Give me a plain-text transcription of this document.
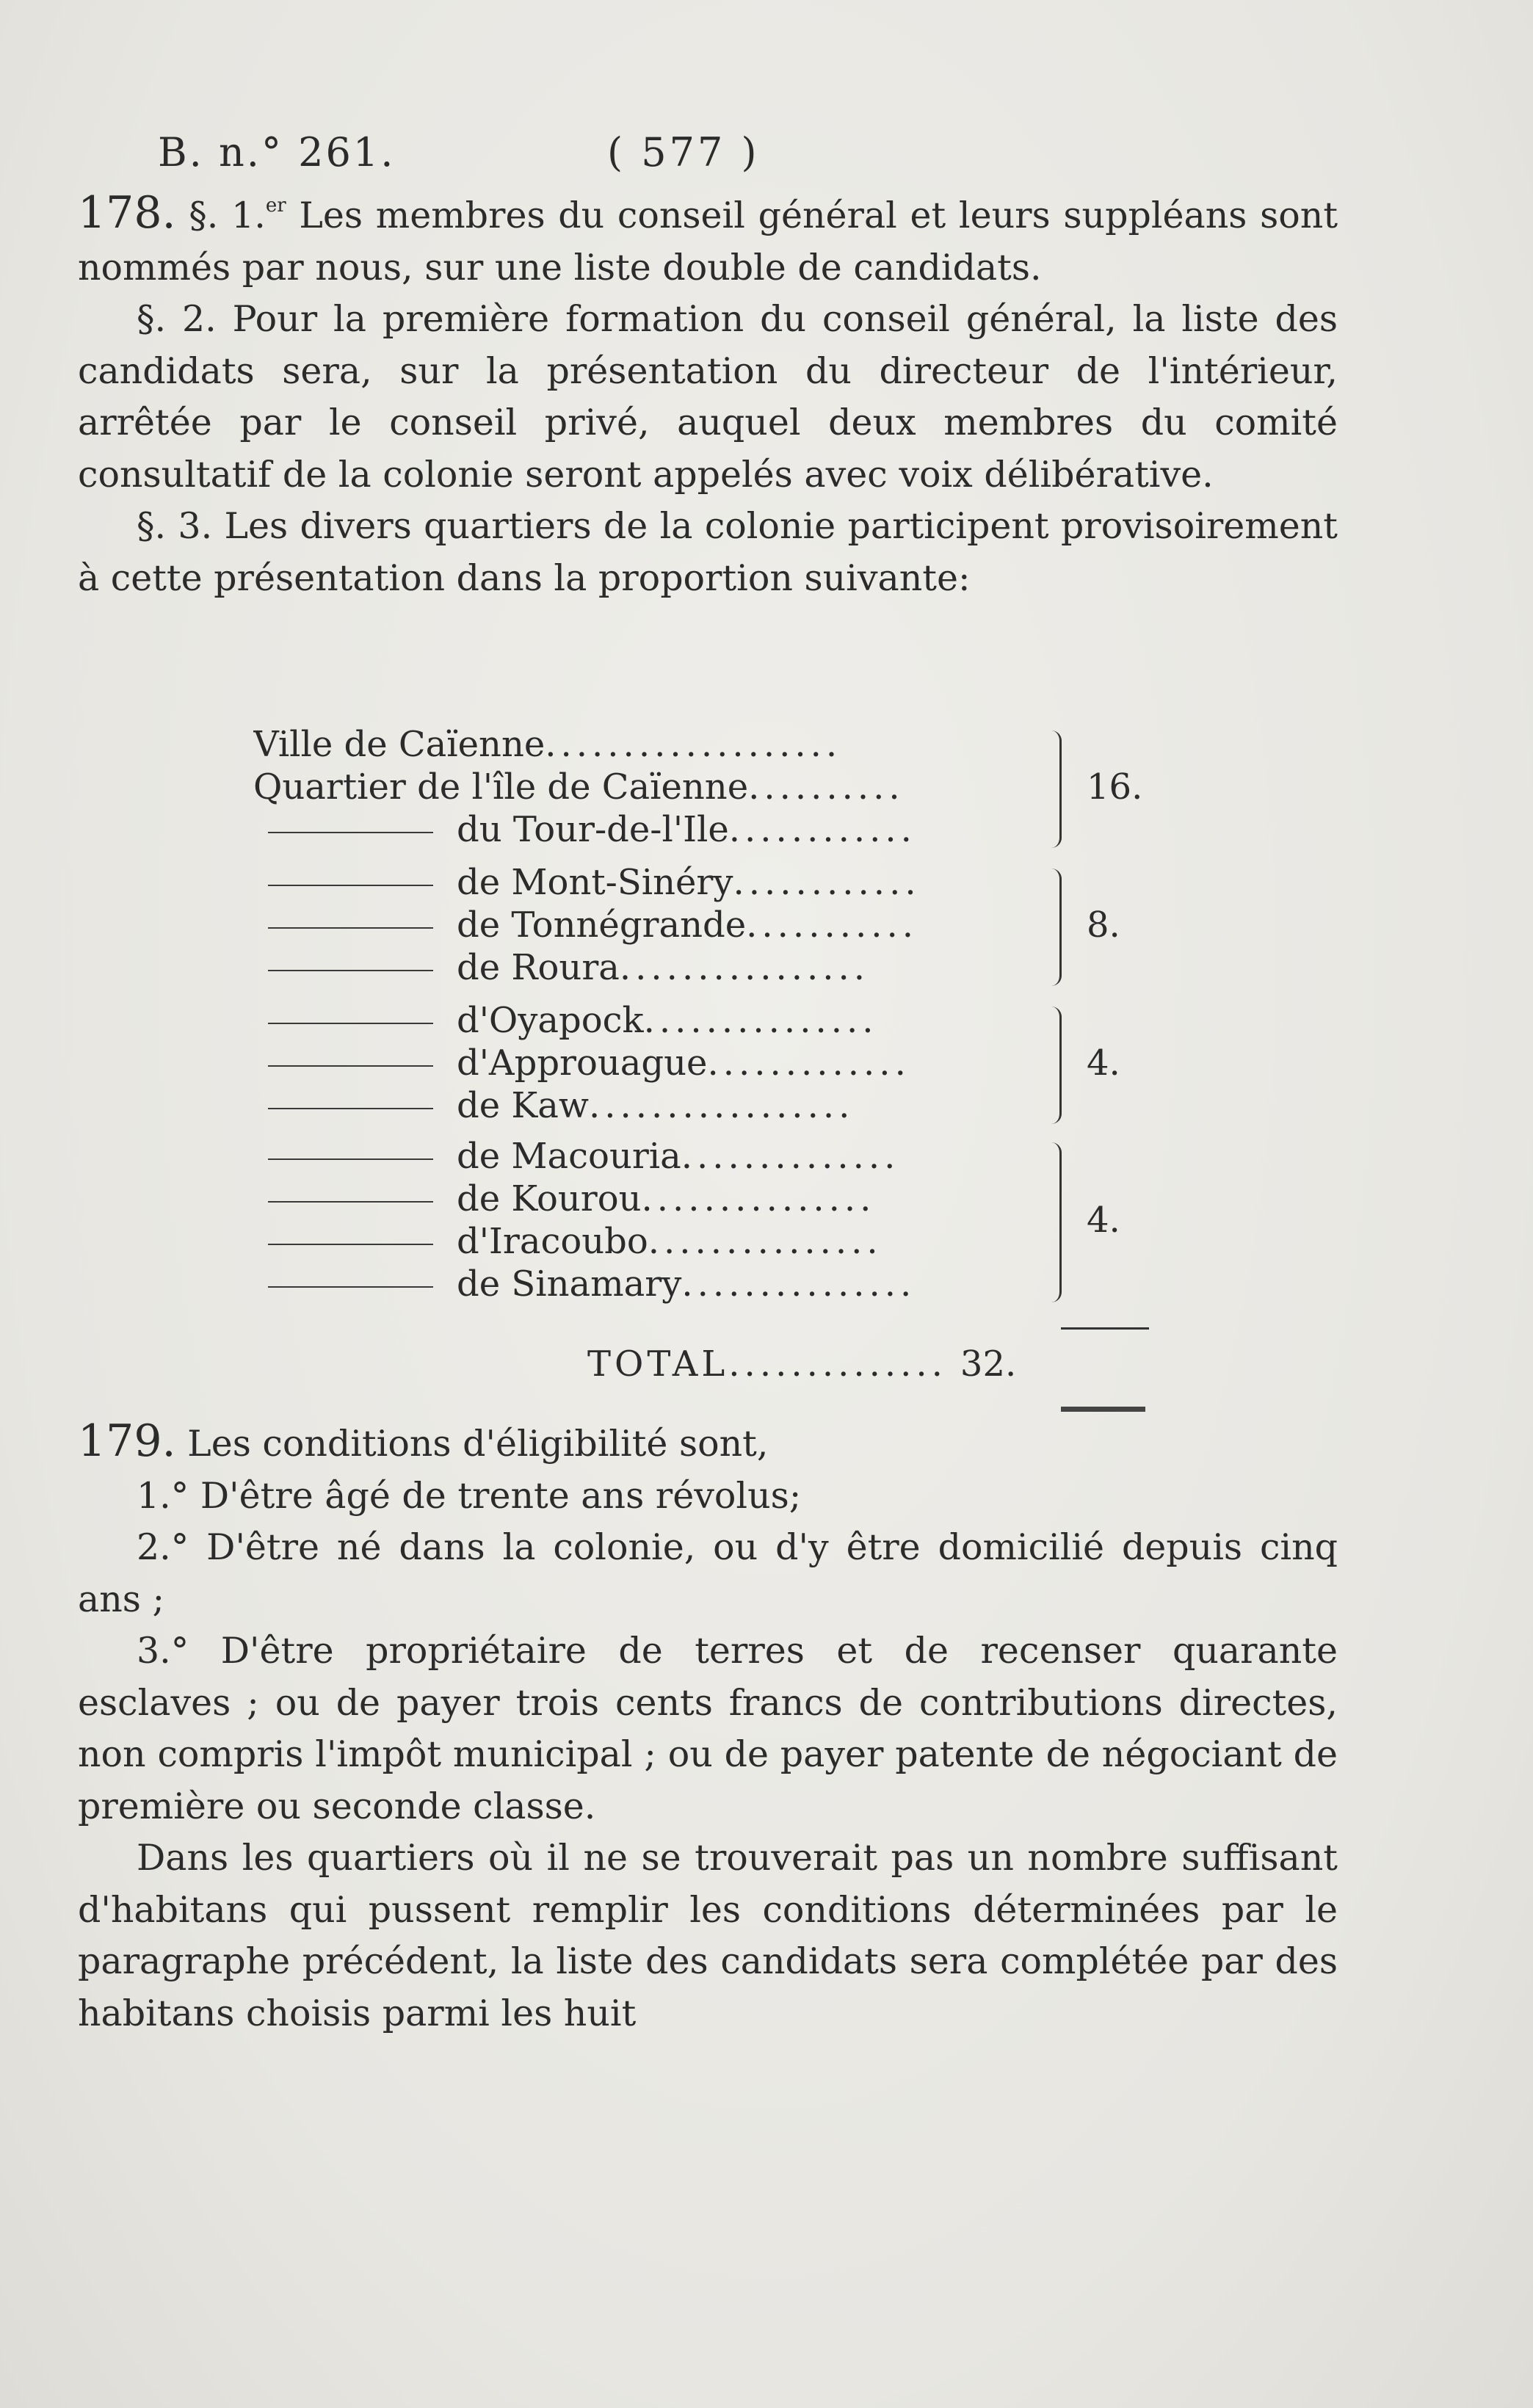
B. n.° 261.	( 577 )

178. §. 1.$^{er}$ Les membres du conseil général et leurs suppléans sont nommés par nous, sur une liste double de candidats.

§. 2. Pour la première formation du conseil général, la liste des candidats sera, sur la présentation du directeur de l'intérieur, arrêtée par le conseil privé, auquel deux membres du comité consultatif de la colonie seront appelés avec voix délibérative.

§. 3. Les divers quartiers de la colonie participent provisoirement à cette présentation dans la proportion suivante:

Ville de Caïenne...................
Quartier de l'île de Caïenne..........
du Tour-de-l'Ile............
de Mont-Sinéry............
de Tonnégrande...........
de Roura................
d'Oyapock...............
d'Approuague.............
de Kaw.................
de Macouria..............
de Kourou...............
d'Iracoubo...............
de Sinamary...............
16.
8.
4.
4.
TOTAL.............. 32.

179. Les conditions d'éligibilité sont,

1.° D'être âgé de trente ans révolus;

2.° D'être né dans la colonie, ou d'y être domicilié depuis cinq ans ;

3.° D'être propriétaire de terres et de recenser quarante esclaves ; ou de payer trois cents francs de contributions directes, non compris l'impôt municipal ; ou de payer patente de négociant de première ou seconde classe.

Dans les quartiers où il ne se trouverait pas un nombre suffisant d'habitans qui pussent remplir les conditions déterminées par le paragraphe précédent, la liste des candidats sera complétée par des habitans choisis parmi les huit
